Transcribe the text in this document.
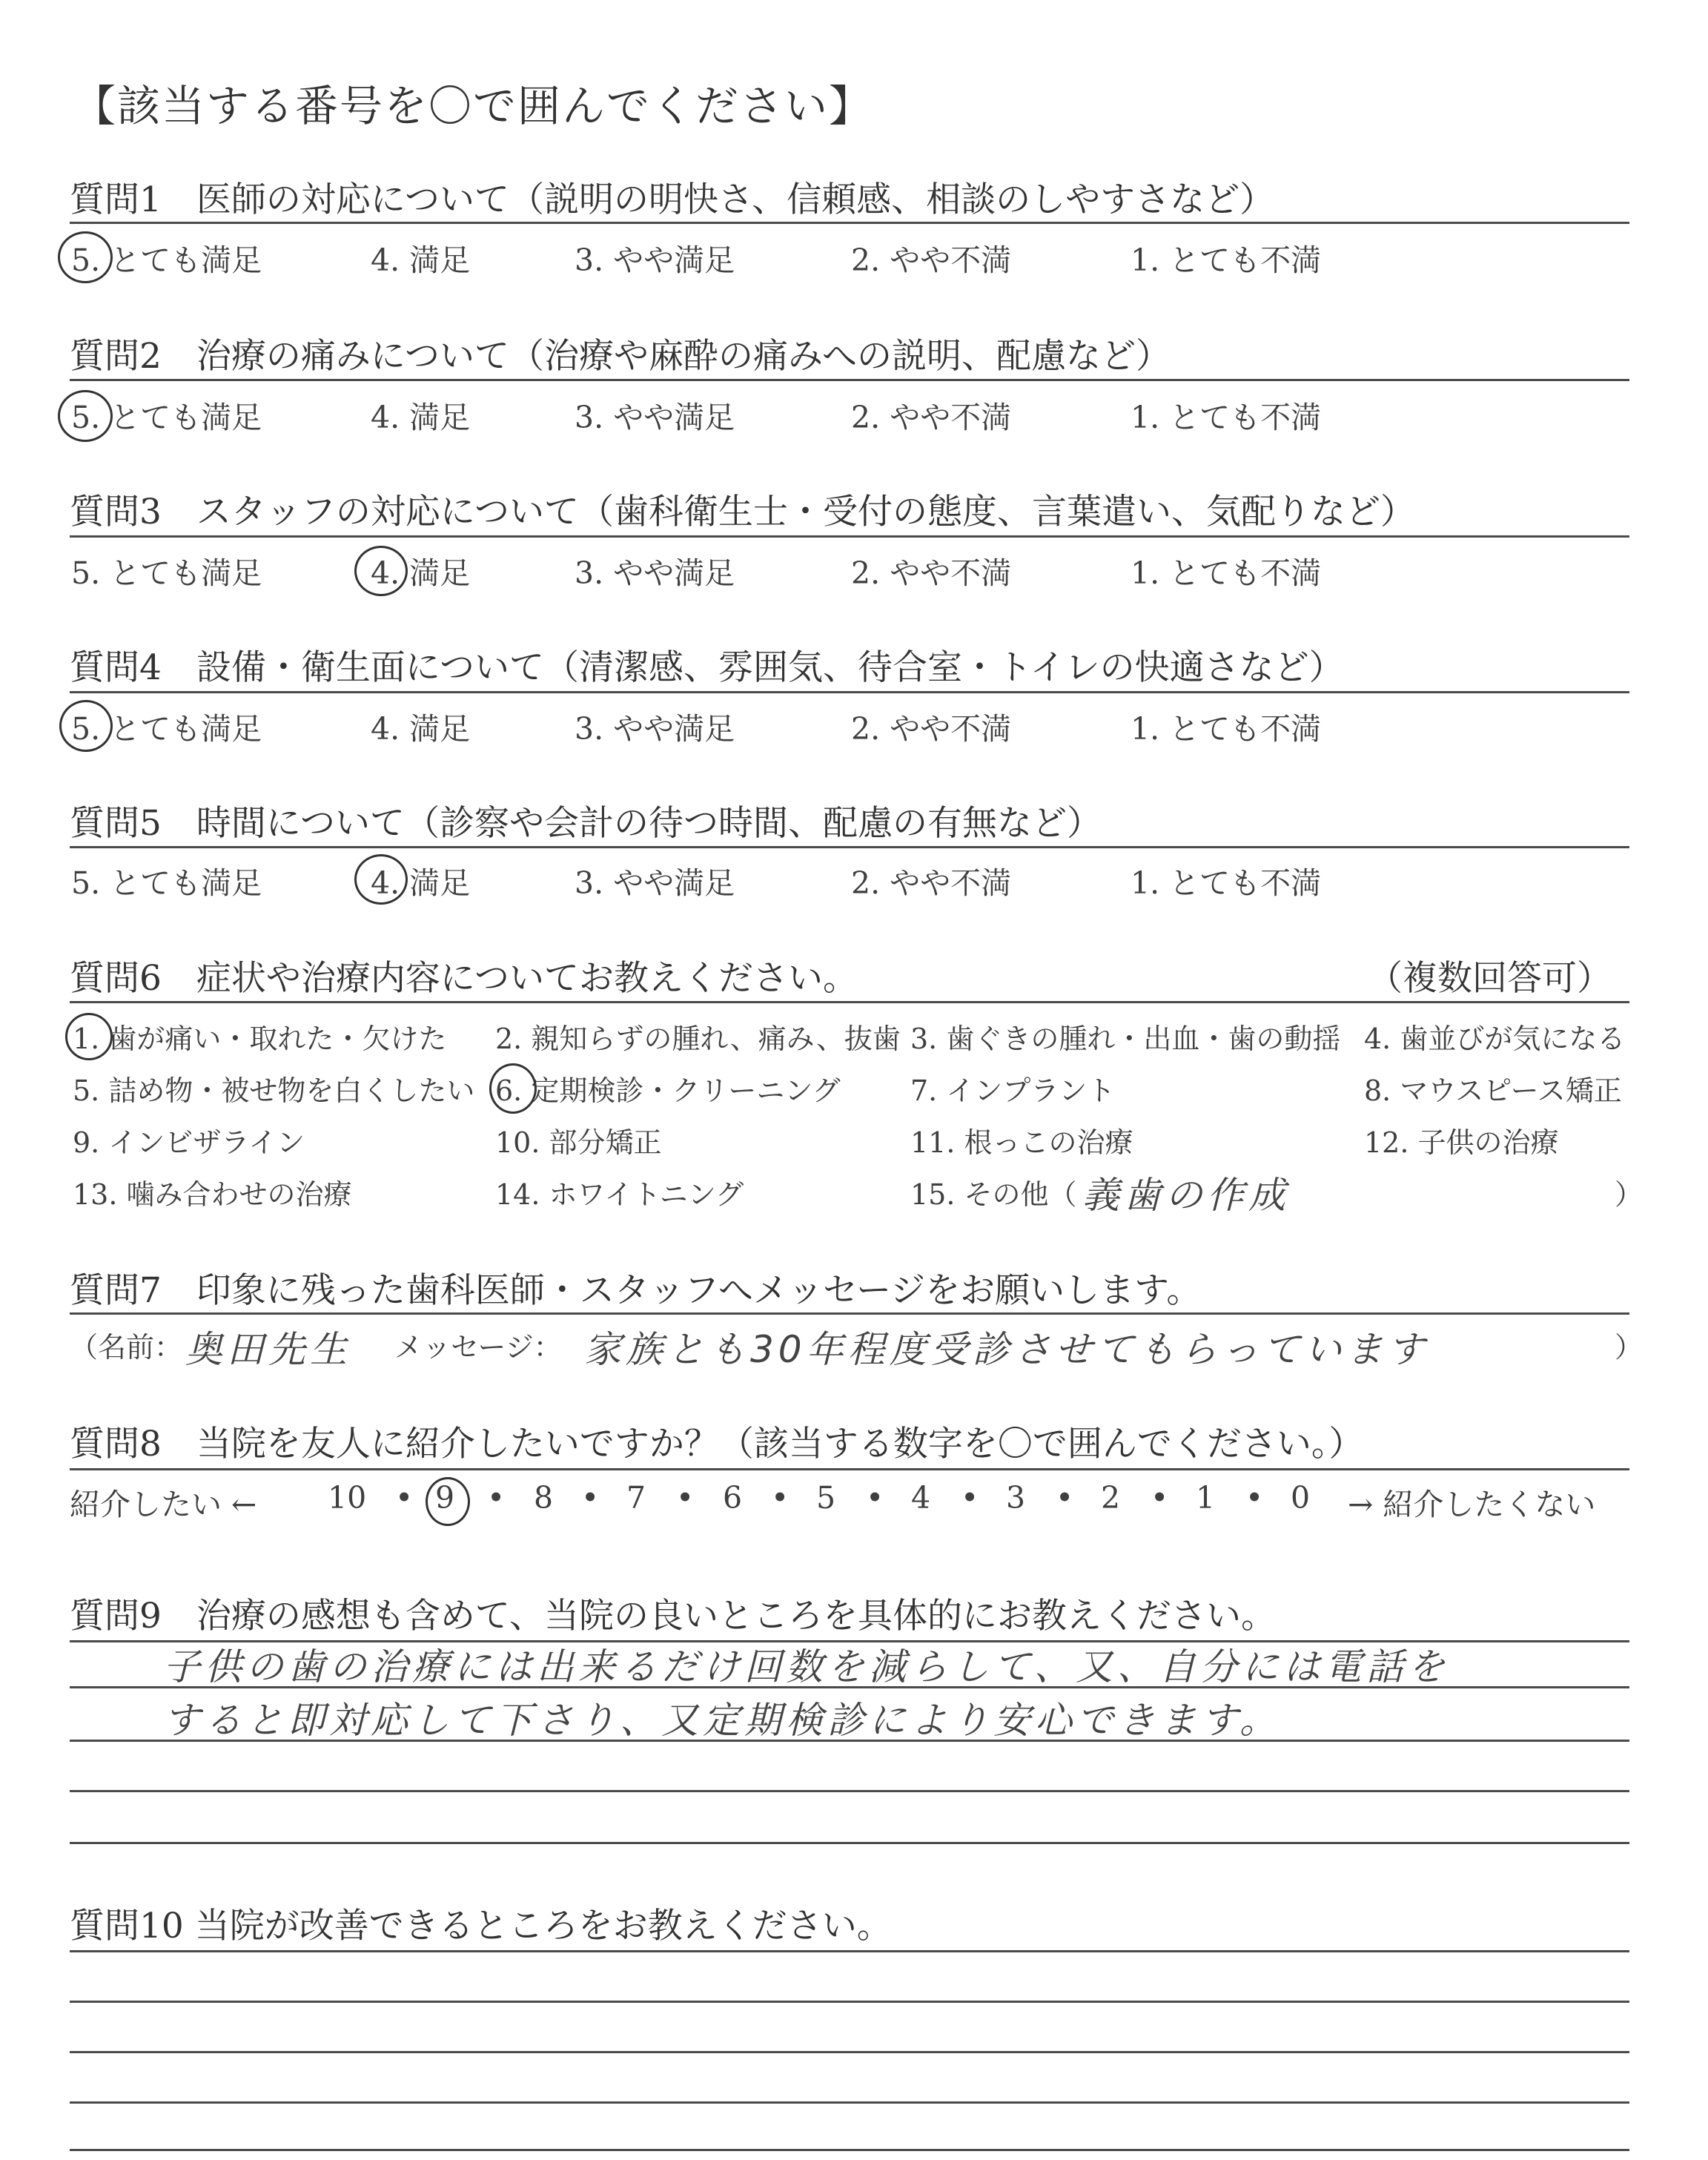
【該当する番号を〇で囲んでください】
質問1　医師の対応について（説明の明快さ、信頼感、相談のしやすさなど）
5. とても満足	4. 満足	3. やや満足	2. やや不満	1. とても不満
質問2　治療の痛みについて（治療や麻酔の痛みへの説明、配慮など）
5. とても満足	4. 満足	3. やや満足	2. やや不満	1. とても不満
質問3　スタッフの対応について（歯科衛生士・受付の態度、言葉遣い、気配りなど）
5. とても満足	4. 満足	3. やや満足	2. やや不満	1. とても不満
質問4　設備・衛生面について（清潔感、雰囲気、待合室・トイレの快適さなど）
5. とても満足	4. 満足	3. やや満足	2. やや不満	1. とても不満
質問5　時間について（診察や会計の待つ時間、配慮の有無など）
5. とても満足	4. 満足	3. やや満足	2. やや不満	1. とても不満
質問6　症状や治療内容についてお教えください。	（複数回答可）
1. 歯が痛い・取れた・欠けた 2. 親知らずの腫れ、痛み、抜歯 3. 歯ぐきの腫れ・出血・歯の動揺 4. 歯並びが気になる
5. 詰め物・被せ物を白くしたい 6. 定期検診・クリーニング 7. インプラント	8. マウスピース矯正
9. インビザライン	10. 部分矯正	11. 根っこの治療	12. 子供の治療
13. 噛み合わせの治療	14. ホワイトニング	15. その他（ 義歯の作成	）
質問7　印象に残った歯科医師・スタッフへメッセージをお願いします。
（名前： 奥田先生 メッセージ： 家族とも30年程度受診させてもらっています	）
質問8　当院を友人に紹介したいですか？（該当する数字を〇で囲んでください。）
紹介したい ← 10 • 9 • 8 • 7 • 6 • 5 • 4 • 3 • 2 • 1 • 0 → 紹介したくない
質問9　治療の感想も含めて、当院の良いところを具体的にお教えください。
子供の歯の治療には出来るだけ回数を減らして、又、自分には電話を
すると即対応して下さり、又定期検診により安心できます。
質問10 当院が改善できるところをお教えください。
